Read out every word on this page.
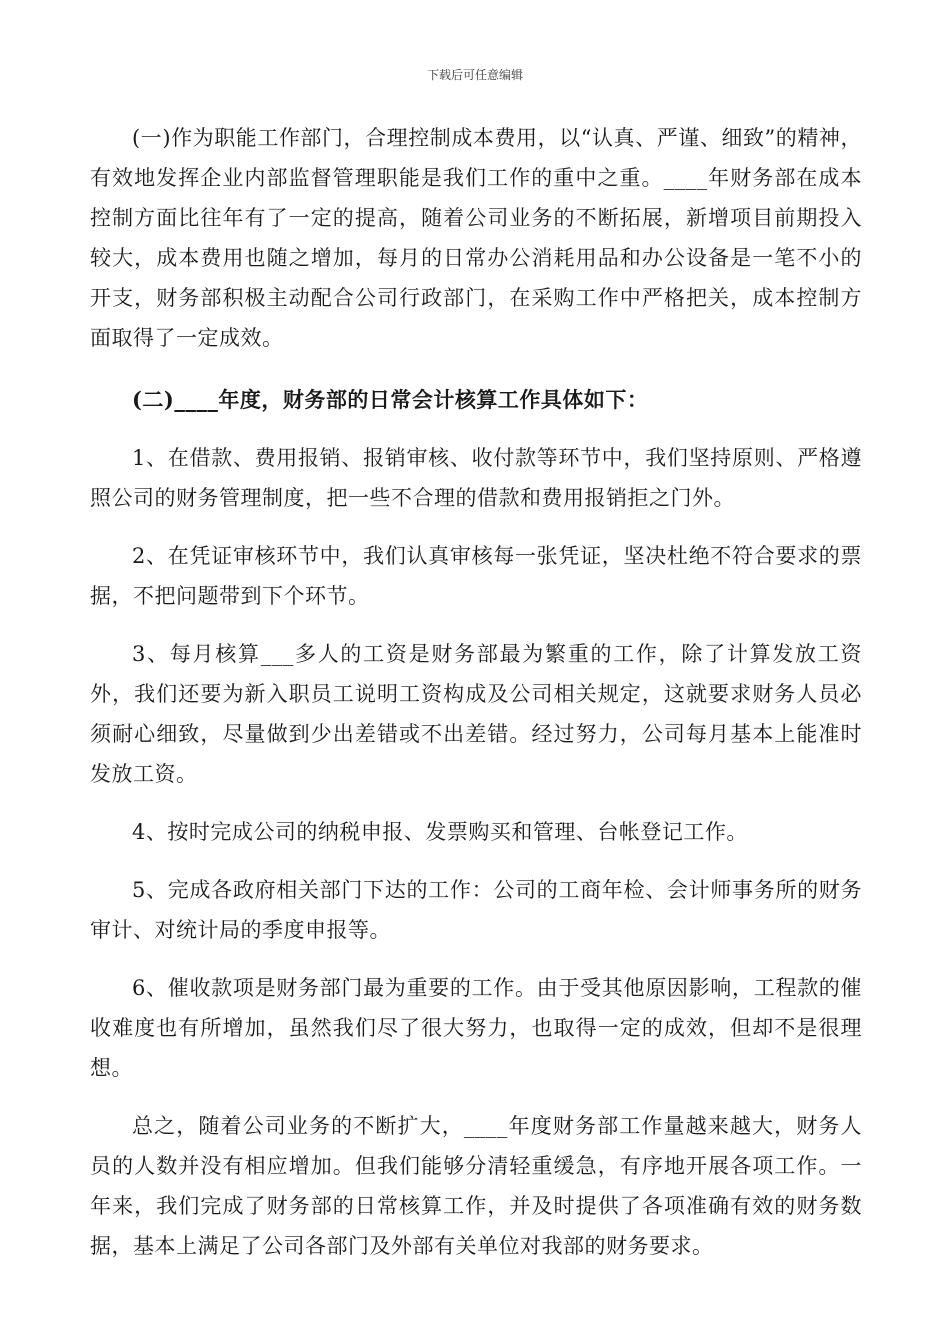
下载后可任意编辑

(一)作为职能工作部门，合理控制成本费用，以“认真、严谨、细致”的精神，有效地发挥企业内部监督管理职能是我们工作的重中之重。____年财务部在成本控制方面比往年有了一定的提高，随着公司业务的不断拓展，新增项目前期投入较大，成本费用也随之增加，每月的日常办公消耗用品和办公设备是一笔不小的开支，财务部积极主动配合公司行政部门，在采购工作中严格把关，成本控制方面取得了一定成效。

(二)____年度，财务部的日常会计核算工作具体如下：

1、在借款、费用报销、报销审核、收付款等环节中，我们坚持原则、严格遵照公司的财务管理制度，把一些不合理的借款和费用报销拒之门外。

2、在凭证审核环节中，我们认真审核每一张凭证，坚决杜绝不符合要求的票据，不把问题带到下个环节。

3、每月核算___多人的工资是财务部最为繁重的工作，除了计算发放工资外，我们还要为新入职员工说明工资构成及公司相关规定，这就要求财务人员必须耐心细致，尽量做到少出差错或不出差错。经过努力，公司每月基本上能准时发放工资。

4、按时完成公司的纳税申报、发票购买和管理、台帐登记工作。

5、完成各政府相关部门下达的工作：公司的工商年检、会计师事务所的财务审计、对统计局的季度申报等。

6、催收款项是财务部门最为重要的工作。由于受其他原因影响，工程款的催收难度也有所增加，虽然我们尽了很大努力，也取得一定的成效，但却不是很理想。

总之，随着公司业务的不断扩大，____年度财务部工作量越来越大，财务人员的人数并没有相应增加。但我们能够分清轻重缓急，有序地开展各项工作。一年来，我们完成了财务部的日常核算工作，并及时提供了各项准确有效的财务数据，基本上满足了公司各部门及外部有关单位对我部的财务要求。
